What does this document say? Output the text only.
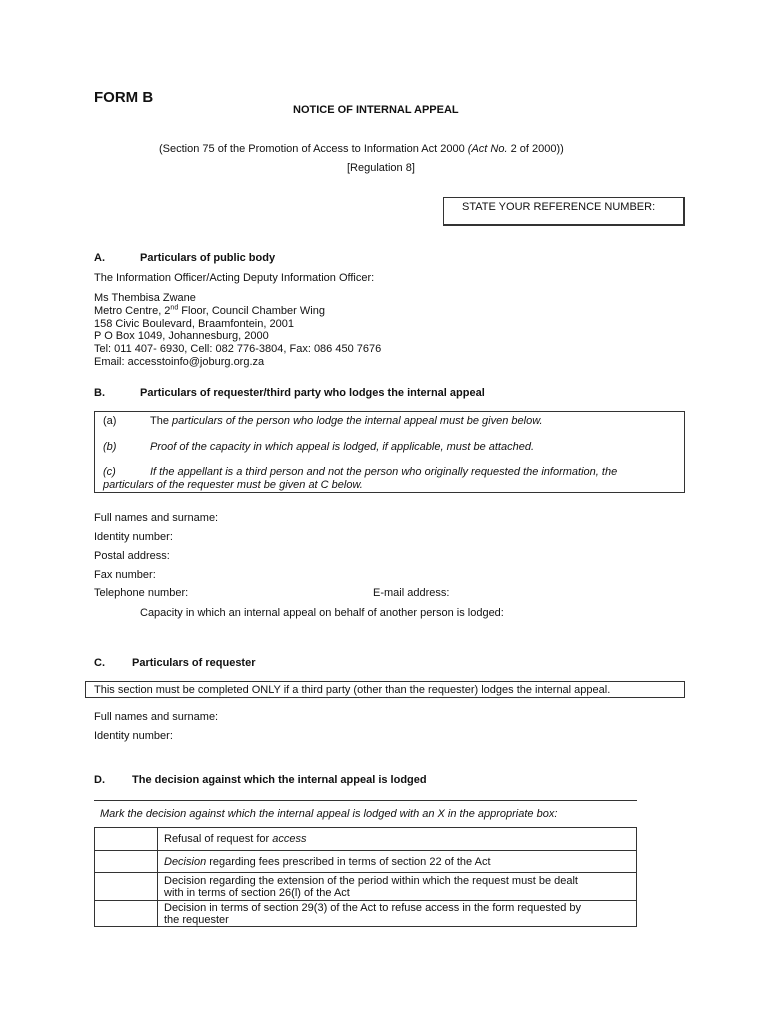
FORM B
NOTICE OF INTERNAL APPEAL
(Section 75 of the Promotion of Access to Information Act 2000 (Act No. 2 of 2000))
[Regulation 8]
STATE YOUR REFERENCE NUMBER:
A.	Particulars of public body
The Information Officer/Acting Deputy Information Officer:
Ms Thembisa Zwane
Metro Centre, 2nd Floor, Council Chamber Wing
158 Civic Boulevard, Braamfontein, 2001
P O Box 1049, Johannesburg, 2000
Tel: 011 407- 6930, Cell: 082 776-3804, Fax: 086 450 7676
Email: accesstoinfo@joburg.org.za
B.	Particulars of requester/third party who lodges the internal appeal
(a)	The particulars of the person who lodge the internal appeal must be given below.
(b)	Proof of the capacity in which appeal is lodged, if applicable, must be attached.
(c)	If the appellant is a third person and not the person who originally requested the information, the
particulars of the requester must be given at C below.
Full names and surname:
Identity number:
Postal address:
Fax number:
Telephone number:	E-mail address:
Capacity in which an internal appeal on behalf of another person is lodged:
C. Particulars of requester
This section must be completed ONLY if a third party (other than the requester) lodges the internal appeal.
Full names and surname:
Identity number:
D. The decision against which the internal appeal is lodged
Mark the decision against which the internal appeal is lodged with an X in the appropriate box:
Refusal of request for access
Decision regarding fees prescribed in terms of section 22 of the Act
Decision regarding the extension of the period within which the request must be dealt
with in terms of section 26(l) of the Act
Decision in terms of section 29(3) of the Act to refuse access in the form requested by
the requester
